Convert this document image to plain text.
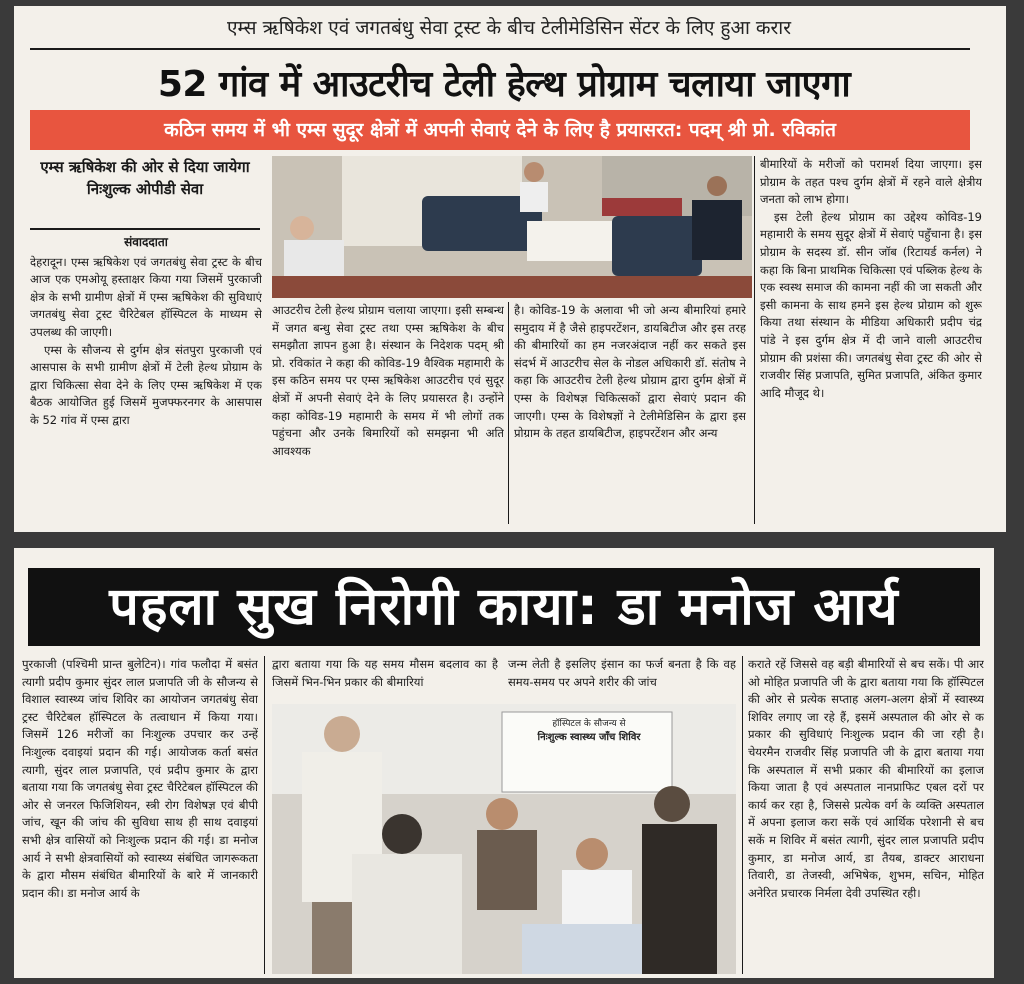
एम्स ऋषिकेश एवं जगतबंधु सेवा ट्रस्ट के बीच टेलीमेडिसिन सेंटर के लिए हुआ करार
52 गांव में आउटरीच टेली हेल्थ प्रोग्राम चलाया जाएगा
कठिन समय में भी एम्स सुदूर क्षेत्रों में अपनी सेवाएं देने के लिए है प्रयासरत: पदम् श्री प्रो. रविकांत
एम्स ऋषिकेश की ओर से दिया जायेगा निःशुल्क ओपीडी सेवा
संवाददाता

देहरादून। एम्स ऋषिकेश एवं जगतबंधु सेवा ट्रस्ट के बीच आज एक एमओयू हस्ताक्षर किया गया जिसमें पुरकाजी क्षेत्र के सभी ग्रामीण क्षेत्रों में एम्स ऋषिकेश की सुविधाएं जगतबंधु सेवा ट्रस्ट चैरिटेबल हॉस्पिटल के माध्यम से उपलब्ध की जाएगी।

एम्स के सौजन्य से दुर्गम क्षेत्र संतपुरा पुरकाजी एवं आसपास के सभी ग्रामीण क्षेत्रों में टेली हेल्थ प्रोग्राम के द्वारा चिकित्सा सेवा देने के लिए एम्स ऋषिकेश में एक बैठक आयोजित हुई जिसमें मुजफ्फरनगर के आसपास के 52 गांव में एम्स द्वारा

आउटरीच टेली हेल्थ प्रोग्राम चलाया जाएगा। इसी सम्बन्ध में जगत बन्धु सेवा ट्रस्ट तथा एम्स ऋषिकेश के बीच समझौता ज्ञापन हुआ है। संस्थान के निदेशक पदम् श्री प्रो. रविकांत ने कहा की कोविड-19 वैश्विक महामारी के इस कठिन समय पर एम्स ऋषिकेश आउटरीच एवं सुदूर क्षेत्रों में अपनी सेवाएं देने के लिए प्रयासरत है। उन्होंने कहा कोविड-19 महामारी के समय में भी लोगों तक पहुंचना और उनके बिमारियों को समझना भी अति आवश्यक
है। कोविड-19 के अलावा भी जो अन्य बीमारियां हमारे समुदाय में है जैसे हाइपरटेंशन, डायबिटीज और इस तरह की बीमारियों का हम नजरअंदाज नहीं कर सकते इस संदर्भ में आउटरीच सेल के नोडल अधिकारी डॉ. संतोष ने कहा कि आउटरीच टेली हेल्थ प्रोग्राम द्वारा दुर्गम क्षेत्रों में एम्स के विशेषज्ञ चिकित्सकों द्वारा सेवाएं प्रदान की जाएगी। एम्स के विशेषज्ञों ने टेलीमेडिसिन के द्वारा इस प्रोग्राम के तहत डायबिटीज, हाइपरटेंशन और अन्य

बीमारियों के मरीजों को परामर्श दिया जाएगा। इस प्रोग्राम के तहत पश्च दुर्गम क्षेत्रों में रहने वाले क्षेत्रीय जनता को लाभ होगा।

इस टेली हेल्थ प्रोग्राम का उद्देश्य कोविड-19 महामारी के समय सुदूर क्षेत्रों में सेवाएं पहुँचाना है। इस प्रोग्राम के सदस्य डॉ. सीन जॉब (रिटायर्ड कर्नल) ने कहा कि बिना प्राथमिक चिकित्सा एवं पब्लिक हेल्थ के एक स्वस्थ समाज की कामना नहीं की जा सकती और इसी कामना के साथ हमने इस हेल्थ प्रोग्राम को शुरू किया तथा संस्थान के मीडिया अधिकारी प्रदीप चंद्र पांडे ने इस दुर्गम क्षेत्र में दी जाने वाली आउटरीच प्रोग्राम की प्रशंसा की। जगतबंधु सेवा ट्रस्ट की ओर से राजवीर सिंह प्रजापति, सुमित प्रजापति, अंकित कुमार आदि मौजूद थे।

पहला सुख निरोगी काया: डा मनोज आर्य
पुरकाजी (पश्चिमी प्रान्त बुलेटिन)। गांव फलौदा में बसंत त्यागी प्रदीप कुमार सुंदर लाल प्रजापति जी के सौजन्य से विशाल स्वास्थ्य जांच शिविर का आयोजन जगतबंधु सेवा ट्रस्ट चैरिटेबल हॉस्पिटल के तत्वाधान में किया गया। जिसमें 126 मरीजों का निःशुल्क उपचार कर उन्हें निःशुल्क दवाइयां प्रदान की गई। आयोजक कर्ता बसंत त्यागी, सुंदर लाल प्रजापति, एवं प्रदीप कुमार के द्वारा बताया गया कि जगतबंधु सेवा ट्रस्ट चैरिटेबल हॉस्पिटल की ओर से जनरल फिजिशियन, स्त्री रोग विशेषज्ञ एवं बीपी जांच, खून की जांच की सुविधा साथ ही साथ दवाइयां सभी क्षेत्र वासियों को निःशुल्क प्रदान की गई। डा मनोज आर्य ने सभी क्षेत्रवासियों को स्वास्थ्य संबंधित जागरूकता के द्वारा मौसम संबंधित बीमारियों के बारे में जानकारी प्रदान की। डा मनोज आर्य के
द्वारा बताया गया कि यह समय मौसम बदलाव का है जिसमें भिन-भिन प्रकार की बीमारियां
जन्म लेती है इसलिए इंसान का फर्ज बनता है कि वह समय-समय पर अपने शरीर की जांच
हॉस्पिटल के सौजन्य से
निःशुल्क स्वास्थ्य जाँच शिविर
कराते रहें जिससे वह बड़ी बीमारियों से बच सकें। पी आर ओ मोहित प्रजापति जी के द्वारा बताया गया कि हॉस्पिटल की ओर से प्रत्येक सप्ताह अलग-अलग क्षेत्रों में स्वास्थ्य शिविर लगाए जा रहे हैं, इसमें अस्पताल की ओर से क प्रकार की सुविधाएं निःशुल्क प्रदान की जा रही है। चेयरमैन राजवीर सिंह प्रजापति जी के द्वारा बताया गया कि अस्पताल में सभी प्रकार की बीमारियों का इलाज किया जाता है एवं अस्पताल नानप्राफिट एबल दरों पर कार्य कर रहा है, जिससे प्रत्येक वर्ग के व्यक्ति अस्पताल में अपना इलाज करा सकें एवं आर्थिक परेशानी से बच सकें म शिविर में बसंत त्यागी, सुंदर लाल प्रजापति प्रदीप कुमार, डा मनोज आर्य, डा तैयब, डाक्टर आराधना तिवारी, डा तेजस्वी, अभिषेक, शुभम, सचिन, मोहित अनेरित प्रचारक निर्मला देवी उपस्थित रही।
